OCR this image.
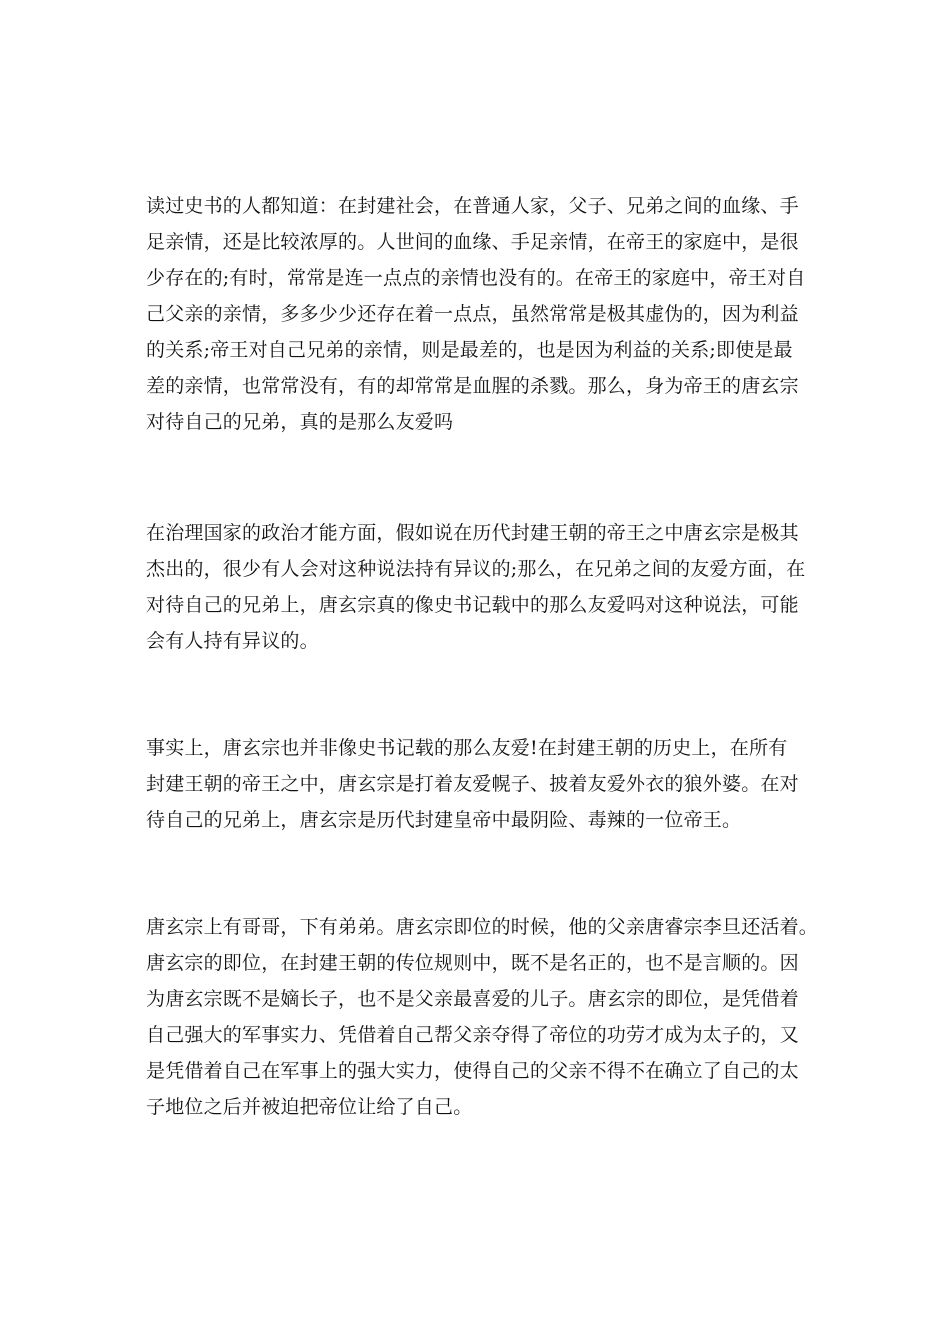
读过史书的人都知道：在封建社会，在普通人家，父子、兄弟之间的血缘、手
足亲情，还是比较浓厚的。人世间的血缘、手足亲情，在帝王的家庭中，是很
少存在的;有时，常常是连一点点的亲情也没有的。在帝王的家庭中，帝王对自
己父亲的亲情，多多少少还存在着一点点，虽然常常是极其虚伪的，因为利益
的关系;帝王对自己兄弟的亲情，则是最差的，也是因为利益的关系;即使是最
差的亲情，也常常没有，有的却常常是血腥的杀戮。那么，身为帝王的唐玄宗
对待自己的兄弟，真的是那么友爱吗
在治理国家的政治才能方面，假如说在历代封建王朝的帝王之中唐玄宗是极其
杰出的，很少有人会对这种说法持有异议的;那么，在兄弟之间的友爱方面，在
对待自己的兄弟上，唐玄宗真的像史书记载中的那么友爱吗对这种说法，可能
会有人持有异议的。
事实上，唐玄宗也并非像史书记载的那么友爱!在封建王朝的历史上，在所有
封建王朝的帝王之中，唐玄宗是打着友爱幌子、披着友爱外衣的狼外婆。在对
待自己的兄弟上，唐玄宗是历代封建皇帝中最阴险、毒辣的一位帝王。
唐玄宗上有哥哥，下有弟弟。唐玄宗即位的时候，他的父亲唐睿宗李旦还活着。
唐玄宗的即位，在封建王朝的传位规则中，既不是名正的，也不是言顺的。因
为唐玄宗既不是嫡长子，也不是父亲最喜爱的儿子。唐玄宗的即位，是凭借着
自己强大的军事实力、凭借着自己帮父亲夺得了帝位的功劳才成为太子的，又
是凭借着自己在军事上的强大实力，使得自己的父亲不得不在确立了自己的太
子地位之后并被迫把帝位让给了自己。
